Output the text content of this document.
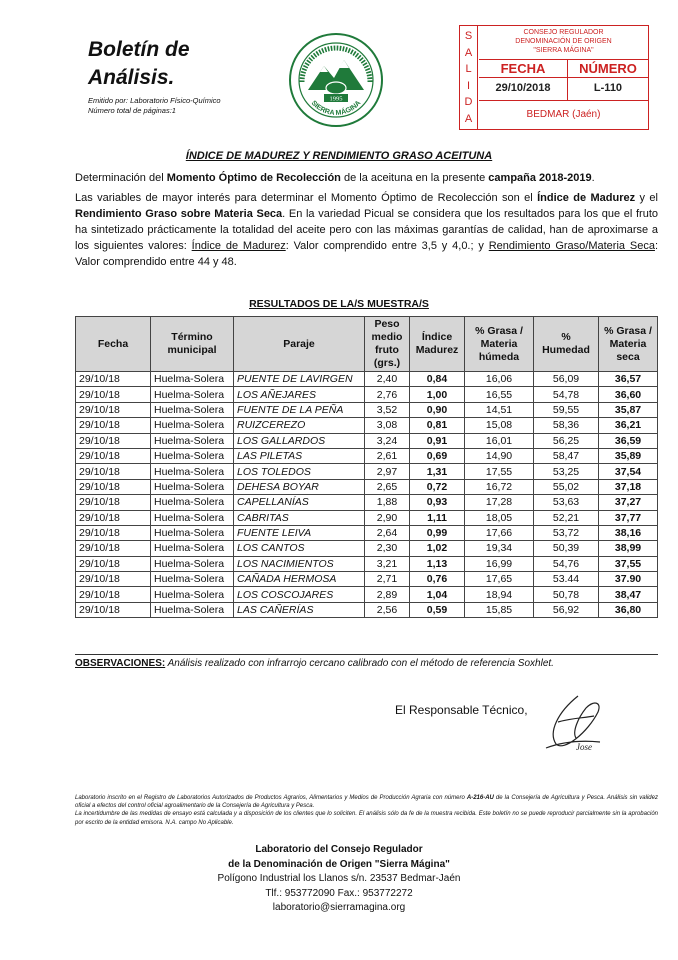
Boletín de
Análisis.
Emitido por: Laboratorio Físico-Químico
Número total de páginas:1
1995
SIERRA MÁGINA
S
A
L
I
D
A
CONSEJO REGULADOR
DENOMINACIÓN DE ORIGEN
"SIERRA MÁGINA"
FECHA
29/10/2018
NÚMERO
L-110
BEDMAR (Jaén)
ÍNDICE DE MADUREZ Y RENDIMIENTO GRASO ACEITUNA
Determinación del Momento Óptimo de Recolección de la aceituna en la presente campaña 2018-2019.
Las variables de mayor interés para determinar el Momento Óptimo de Recolección son el Índice de Madurez y el Rendimiento Graso sobre Materia Seca. En la variedad Picual se considera que los resultados para los que el fruto ha sintetizado prácticamente la totalidad del aceite pero con las máximas garantías de calidad, han de aproximarse a los siguientes valores: Índice de Madurez: Valor comprendido entre 3,5 y 4,0.; y Rendimiento Graso/Materia Seca: Valor comprendido entre 44 y 48.
RESULTADOS DE LA/S MUESTRA/S
Fecha	Término municipal	Paraje	Peso medio fruto (grs.)	Índice Madurez	% Grasa / Materia húmeda	% Humedad	% Grasa / Materia seca
29/10/18	Huelma-Solera	PUENTE DE LAVIRGEN	2,40	0,84	16,06	56,09	36,57
29/10/18	Huelma-Solera	LOS AÑEJARES	2,76	1,00	16,55	54,78	36,60
29/10/18	Huelma-Solera	FUENTE DE LA PEÑA	3,52	0,90	14,51	59,55	35,87
29/10/18	Huelma-Solera	RUIZCEREZO	3,08	0,81	15,08	58,36	36,21
29/10/18	Huelma-Solera	LOS GALLARDOS	3,24	0,91	16,01	56,25	36,59
29/10/18	Huelma-Solera	LAS PILETAS	2,61	0,69	14,90	58,47	35,89
29/10/18	Huelma-Solera	LOS TOLEDOS	2,97	1,31	17,55	53,25	37,54
29/10/18	Huelma-Solera	DEHESA BOYAR	2,65	0,72	16,72	55,02	37,18
29/10/18	Huelma-Solera	CAPELLANÍAS	1,88	0,93	17,28	53,63	37,27
29/10/18	Huelma-Solera	CABRITAS	2,90	1,11	18,05	52,21	37,77
29/10/18	Huelma-Solera	FUENTE LEIVA	2,64	0,99	17,66	53,72	38,16
29/10/18	Huelma-Solera	LOS CANTOS	2,30	1,02	19,34	50,39	38,99
29/10/18	Huelma-Solera	LOS NACIMIENTOS	3,21	1,13	16,99	54,76	37,55
29/10/18	Huelma-Solera	CAÑADA HERMOSA	2,71	0,76	17,65	53.44	37.90
29/10/18	Huelma-Solera	LOS COSCOJARES	2,89	1,04	18,94	50,78	38,47
29/10/18	Huelma-Solera	LAS CAÑERÍAS	2,56	0,59	15,85	56,92	36,80
OBSERVACIONES: Análisis realizado con infrarrojo cercano calibrado con el método de referencia Soxhlet.
El Responsable Técnico,
Jose
Laboratorio inscrito en el Registro de Laboratorios Autorizados de Productos Agrarios, Alimentarios y Medios de Producción Agraria con número A-216-AU de la Consejería de Agricultura y Pesca. Análisis sin validez oficial a efectos del control oficial agroalimentario de la Consejería de Agricultura y Pesca.
La incertidumbre de las medidas de ensayo está calculada y a disposición de los clientes que lo soliciten. El análisis sólo da fe de la muestra recibida. Este boletín no se puede reproducir parcialmente sin la aprobación por escrito de la entidad emisora. N.A. campo No Aplicable.
Laboratorio del Consejo Regulador
de la Denominación de Origen "Sierra Mágina"
Polígono Industrial los Llanos s/n. 23537 Bedmar-Jaén
Tlf.: 953772090 Fax.: 953772272
laboratorio@sierramagina.org
